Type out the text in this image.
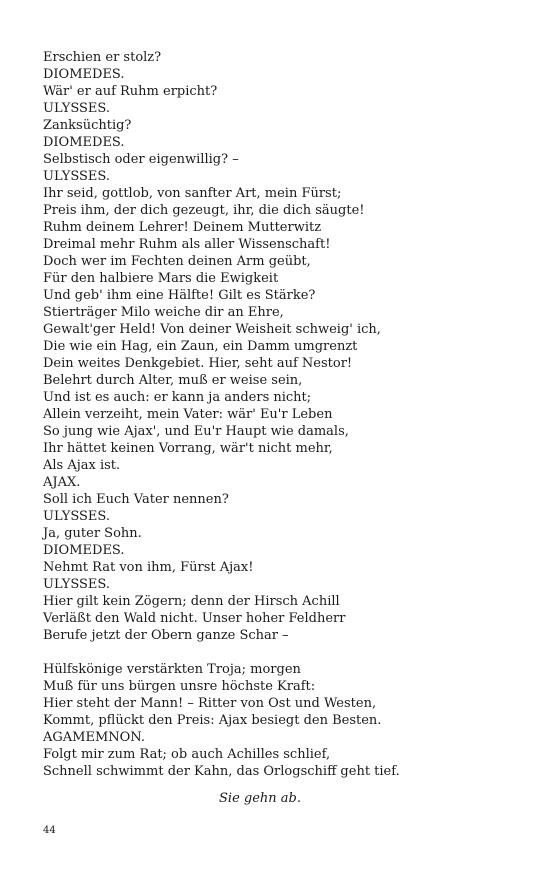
Erschien er stolz?
DIOMEDES.
Wär' er auf Ruhm erpicht?
ULYSSES.
Zanksüchtig?
DIOMEDES.
Selbstisch oder eigenwillig? –
ULYSSES.
Ihr seid, gottlob, von sanfter Art, mein Fürst;
Preis ihm, der dich gezeugt, ihr, die dich säugte!
Ruhm deinem Lehrer! Deinem Mutterwitz
Dreimal mehr Ruhm als aller Wissenschaft!
Doch wer im Fechten deinen Arm geübt,
Für den halbiere Mars die Ewigkeit
Und geb' ihm eine Hälfte! Gilt es Stärke?
Stierträger Milo weiche dir an Ehre,
Gewalt'ger Held! Von deiner Weisheit schweig' ich,
Die wie ein Hag, ein Zaun, ein Damm umgrenzt
Dein weites Denkgebiet. Hier, seht auf Nestor!
Belehrt durch Alter, muß er weise sein,
Und ist es auch: er kann ja anders nicht;
Allein verzeiht, mein Vater: wär' Eu'r Leben
So jung wie Ajax', und Eu'r Haupt wie damals,
Ihr hättet keinen Vorrang, wär't nicht mehr,
Als Ajax ist.
AJAX.
Soll ich Euch Vater nennen?
ULYSSES.
Ja, guter Sohn.
DIOMEDES.
Nehmt Rat von ihm, Fürst Ajax!
ULYSSES.
Hier gilt kein Zögern; denn der Hirsch Achill
Verläßt den Wald nicht. Unser hoher Feldherr
Berufe jetzt der Obern ganze Schar –
Hülfskönige verstärkten Troja; morgen
Muß für uns bürgen unsre höchste Kraft:
Hier steht der Mann! – Ritter von Ost und Westen,
Kommt, pflückt den Preis: Ajax besiegt den Besten.
AGAMEMNON.
Folgt mir zum Rat; ob auch Achilles schlief,
Schnell schwimmt der Kahn, das Orlogschiff geht tief.
Sie gehn ab.
44
